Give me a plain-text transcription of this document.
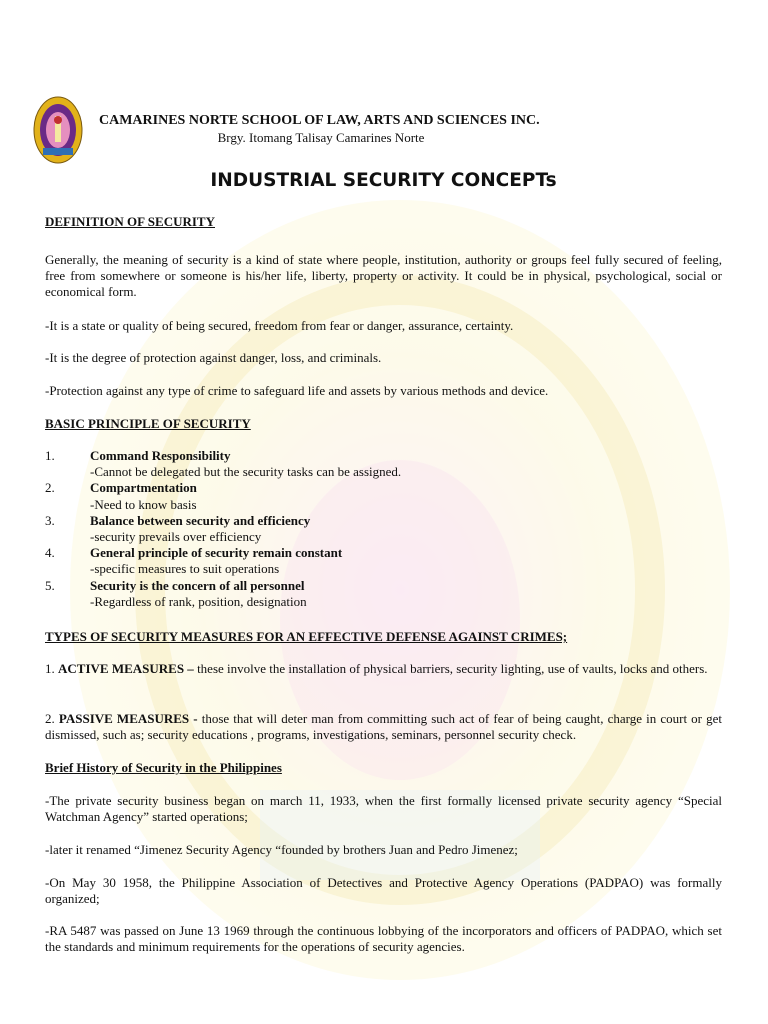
CAMARINES NORTE SCHOOL OF LAW, ARTS AND SCIENCES INC.
Brgy. Itomang Talisay Camarines Norte
INDUSTRIAL SECURITY CONCEPTs

DEFINITION OF SECURITY

Generally, the meaning of security is a kind of state where people, institution, authority or groups feel fully secured of feeling, free from somewhere or someone is his/her life, liberty, property or activity. It could be in physical, psychological, social or economical form.

-It is a state or quality of being secured, freedom from fear or danger, assurance, certainty.

-It is the degree of protection against danger, loss, and criminals.

-Protection against any type of crime to safeguard life and assets by various methods and device.

BASIC PRINCIPLE OF SECURITY

1.	Command Responsibility
-Cannot be delegated but the security tasks can be assigned.
2.	Compartmentation
-Need to know basis
3.	Balance between security and efficiency
-security prevails over efficiency
4.	General principle of security remain constant
-specific measures to suit operations
5.	Security is the concern of all personnel
-Regardless of rank, position, designation

TYPES OF SECURITY MEASURES FOR AN EFFECTIVE DEFENSE AGAINST CRIMES;

1. ACTIVE MEASURES – these involve the installation of physical barriers, security lighting, use of vaults, locks and others.

2. PASSIVE MEASURES - those that will deter man from committing such act of fear of being caught, charge in court or get dismissed, such as; security educations , programs, investigations, seminars, personnel security check.

Brief History of Security in the Philippines

-The private security business began on march 11, 1933, when the first formally licensed private security agency “Special Watchman Agency” started operations;

-later it renamed “Jimenez Security Agency “founded by brothers Juan and Pedro Jimenez;

-On May 30 1958, the Philippine Association of Detectives and Protective Agency Operations (PADPAO) was formally organized;

-RA 5487 was passed on June 13 1969 through the continuous lobbying of the incorporators and officers of PADPAO, which set the standards and minimum requirements for the operations of security agencies.
